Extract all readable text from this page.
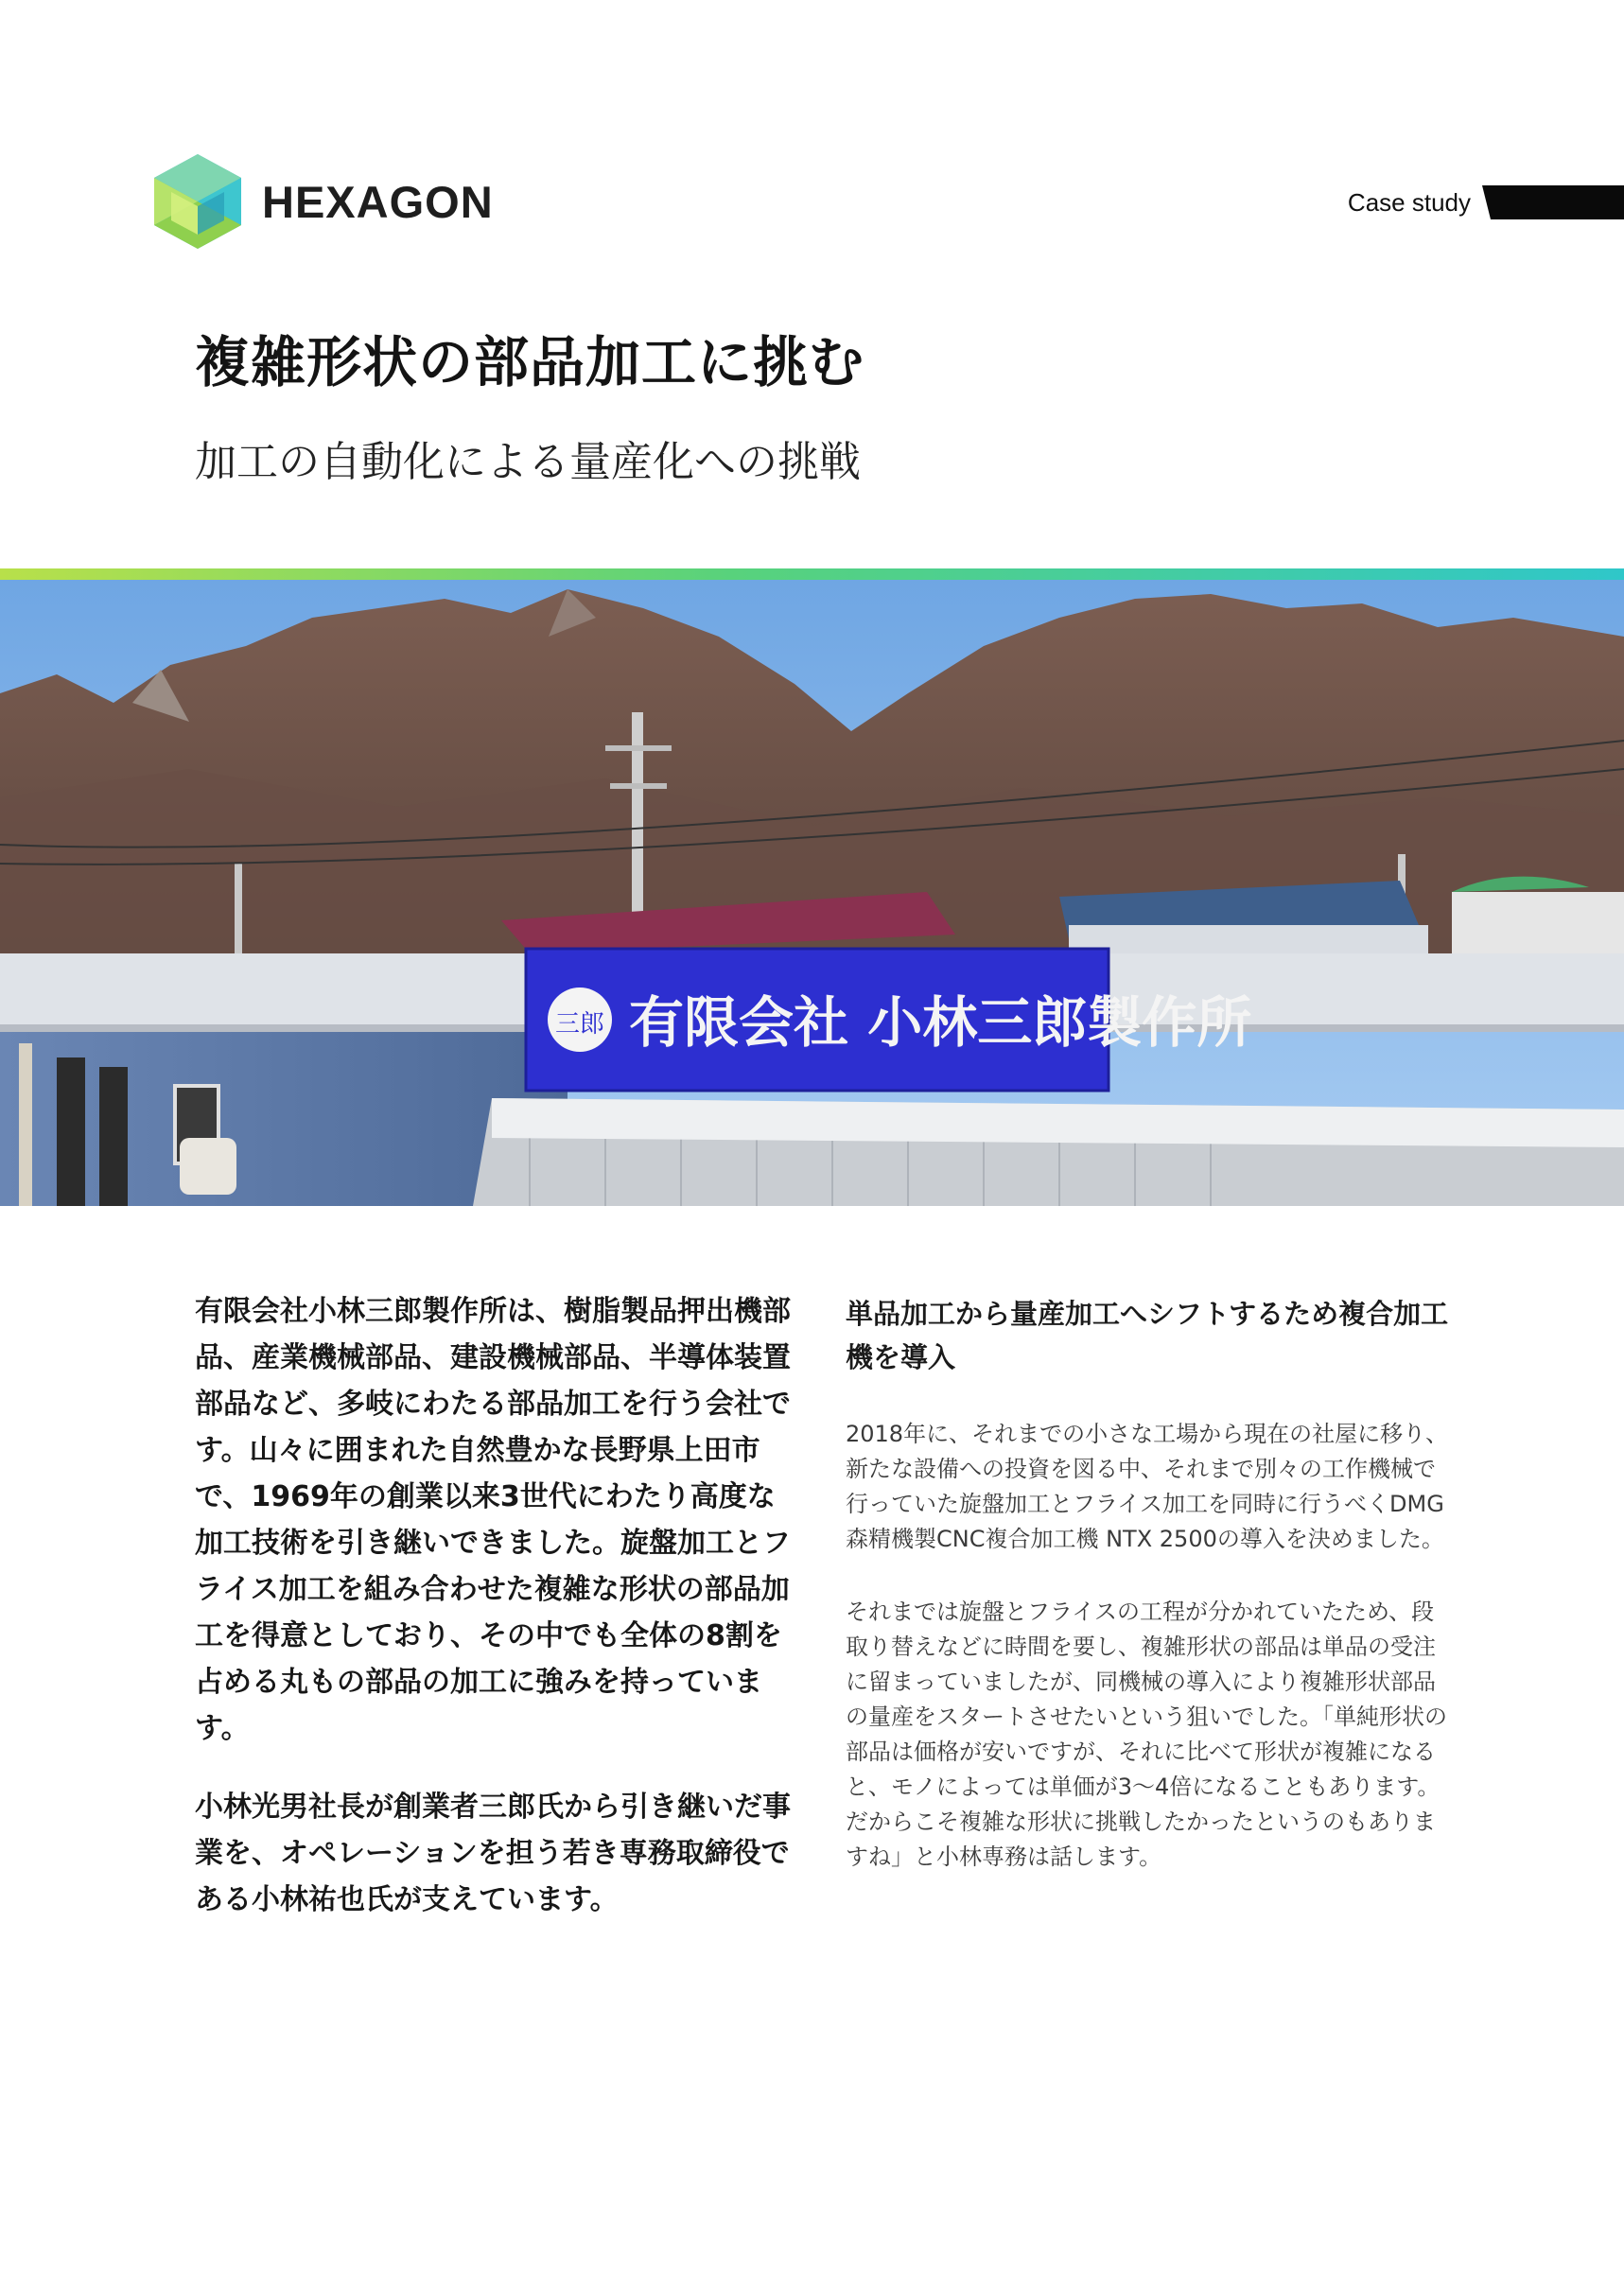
HEXAGON	Case study
複雑形状の部品加工に挑む
加工の自動化による量産化への挑戦
三郎 有限会社 小林三郎製作所

有限会社小林三郎製作所は、樹脂製品押出機部品、産業機械部品、建設機械部品、半導体装置部品など、多岐にわたる部品加工を行う会社です。山々に囲まれた自然豊かな長野県上田市で、1969年の創業以来3世代にわたり高度な加工技術を引き継いできました。旋盤加工とフライス加工を組み合わせた複雑な形状の部品加工を得意としており、その中でも全体の8割を占める丸もの部品の加工に強みを持っています。

小林光男社長が創業者三郎氏から引き継いだ事業を、オペレーションを担う若き専務取締役である小林祐也氏が支えています。

単品加工から量産加工へシフトするため複合加工機を導入

2018年に、それまでの小さな工場から現在の社屋に移り、新たな設備への投資を図る中、それまで別々の工作機械で行っていた旋盤加工とフライス加工を同時に行うべくDMG森精機製CNC複合加工機 NTX 2500の導入を決めました。

それまでは旋盤とフライスの工程が分かれていたため、段取り替えなどに時間を要し、複雑形状の部品は単品の受注に留まっていましたが、同機械の導入により複雑形状部品の量産をスタートさせたいという狙いでした。「単純形状の部品は価格が安いですが、それに比べて形状が複雑になると、モノによっては単価が3〜4倍になることもあります。だからこそ複雑な形状に挑戦したかったというのもありますね」と小林専務は話します。
